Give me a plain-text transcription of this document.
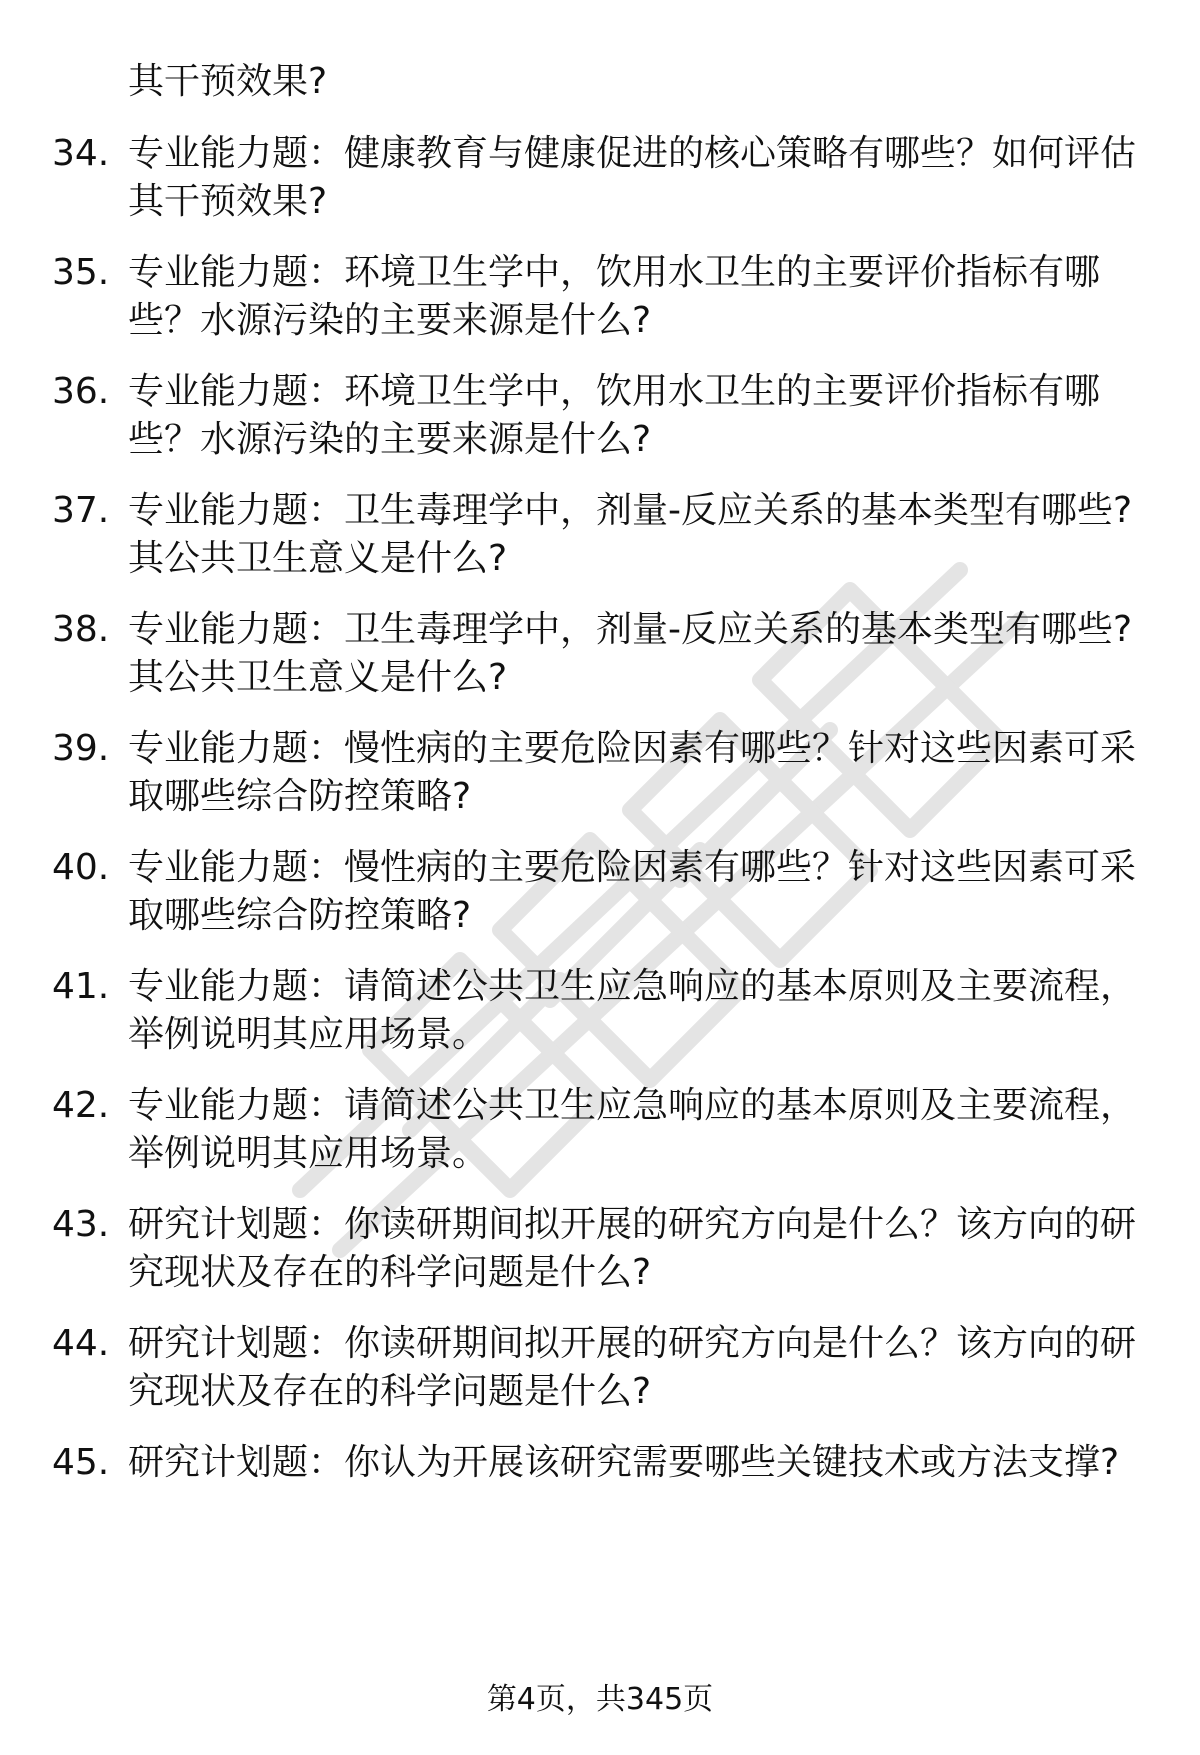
其干预效果?
34. 专业能力题：健康教育与健康促进的核心策略有哪些？如何评估
其干预效果?
35. 专业能力题：环境卫生学中，饮用水卫生的主要评价指标有哪
些？水源污染的主要来源是什么?
36. 专业能力题：环境卫生学中，饮用水卫生的主要评价指标有哪
些？水源污染的主要来源是什么?
37. 专业能力题：卫生毒理学中，剂量-反应关系的基本类型有哪些?
其公共卫生意义是什么?
38. 专业能力题：卫生毒理学中，剂量-反应关系的基本类型有哪些?
其公共卫生意义是什么?
39. 专业能力题：慢性病的主要危险因素有哪些？针对这些因素可采
取哪些综合防控策略?
40. 专业能力题：慢性病的主要危险因素有哪些？针对这些因素可采
取哪些综合防控策略?
41. 专业能力题：请简述公共卫生应急响应的基本原则及主要流程，
举例说明其应用场景。
42. 专业能力题：请简述公共卫生应急响应的基本原则及主要流程，
举例说明其应用场景。
43. 研究计划题：你读研期间拟开展的研究方向是什么？该方向的研
究现状及存在的科学问题是什么?
44. 研究计划题：你读研期间拟开展的研究方向是什么？该方向的研
究现状及存在的科学问题是什么?
45. 研究计划题：你认为开展该研究需要哪些关键技术或方法支撑?
第4页，共345页
